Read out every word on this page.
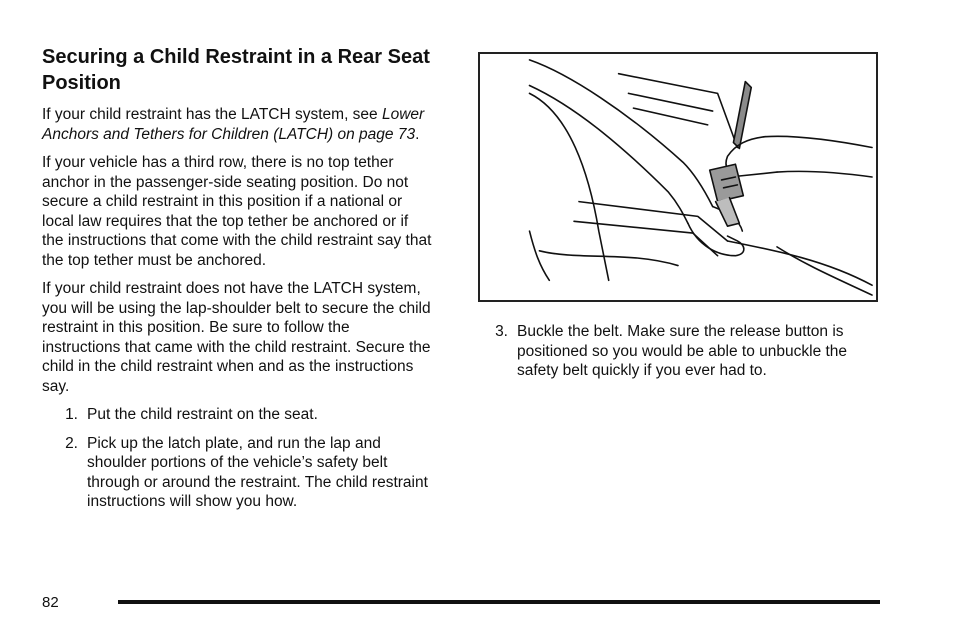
Securing a Child Restraint in a Rear Seat Position

If your child restraint has the LATCH system, see Lower Anchors and Tethers for Children (LATCH) on page 73.

If your vehicle has a third row, there is no top tether anchor in the passenger-side seating position. Do not secure a child restraint in this position if a national or local law requires that the top tether be anchored or if the instructions that come with the child restraint say that the top tether must be anchored.

If your child restraint does not have the LATCH system, you will be using the lap-shoulder belt to secure the child restraint in this position. Be sure to follow the instructions that came with the child restraint. Secure the child in the child restraint when and as the instructions say.

1. Put the child restraint on the seat.
2. Pick up the latch plate, and run the lap and shoulder portions of the vehicle’s safety belt through or around the restraint. The child restraint instructions will show you how.
3. Buckle the belt. Make sure the release button is positioned so you would be able to unbuckle the safety belt quickly if you ever had to.
82
